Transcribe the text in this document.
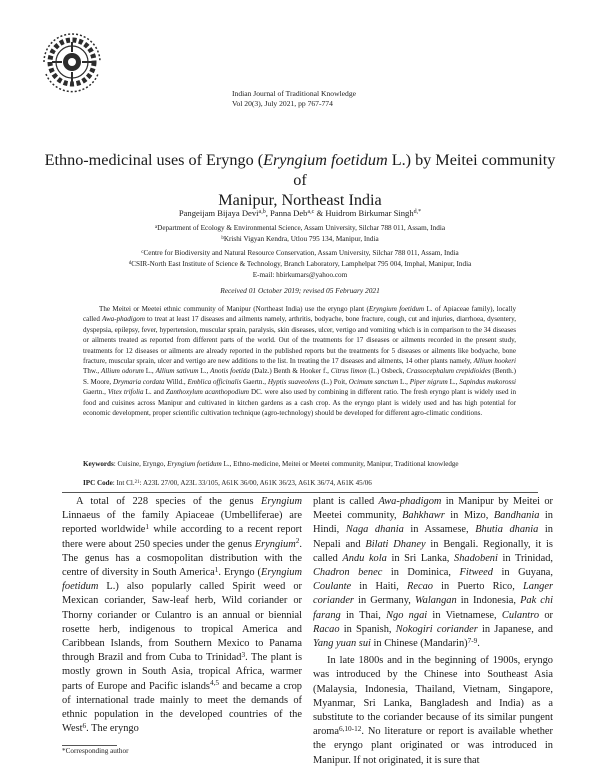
Indian Journal of Traditional Knowledge
Vol 20(3), July 2021, pp 767-774
Ethno-medicinal uses of Eryngo (Eryngium foetidum L.) by Meitei community of
Manipur, Northeast India
Pangeijam Bijaya Devi$^{a,b}$, Panna Deb$^{a,c}$ & Huidrom Birkumar Singh$^{d,*}$
$^a$Department of Ecology & Environmental Science, Assam University, Silchar 788 011, Assam, India
$^b$Krishi Vigyan Kendra, Utlou 795 134, Manipur, India
$^c$Centre for Biodiversity and Natural Resource Conservation, Assam University, Silchar 788 011, Assam, India
$^d$CSIR-North East Institute of Science & Technology, Branch Laboratory, Lamphelpat 795 004, Imphal, Manipur, India
E-mail: hbirkumars@yahoo.com
Received 01 October 2019; revised 05 February 2021

The Meitei or Meetei ethnic community of Manipur (Northeast India) use the eryngo plant (Eryngium foetidum L. of Apiaceae family), locally called Awa-phadigom to treat at least 17 diseases and ailments namely, arthritis, bodyache, bone fracture, cough, cut and injuries, diarrhoea, dysentery, dyspepsia, epilepsy, fever, hypertension, muscular sprain, paralysis, skin diseases, ulcer, vertigo and vomiting which is in comparison to the 34 diseases or ailments treated as reported from different parts of the world. Out of the treatments for 17 diseases or ailments recorded in the present study, treatments for 12 diseases or ailments are already reported in the published reports but the treatments for 5 diseases or ailments like bodyache, bone fracture, muscular sprain, ulcer and vertigo are new additions to the list. In treating the 17 diseases and ailments, 14 other plants namely, Allium hookeri Thw., Allium odorum L., Allium sativum L., Anotis foetida (Dalz.) Benth & Hooker f., Citrus limon (L.) Osbeck, Crassocephalum crepidioides (Benth.) S. Moore, Drymaria cordata Willd., Emblica officinalis Gaertn., Hyptis suaveolens (L.) Poit, Ocimum sanctum L., Piper nigrum L., Sapindus mukorossi Gaertn., Vitex trifolia L. and Zanthoxylum acanthopodium DC. were also used by combining in different ratio. The fresh eryngo plant is widely used in food and cuisines across Manipur and cultivated in kitchen gardens as a cash crop. As the eryngo plant is widely used and has high potential for economic development, proper scientific cultivation technique (agro-technology) should be developed for different agro-climatic conditions.

Keywords: Cuisine, Eryngo, Eryngium foetidum L., Ethno-medicine, Meitei or Meetei community, Manipur, Traditional knowledge
IPC Code: Int Cl.$^{21}$: A23L 27/00, A23L 33/105, A61K 36/00, A61K 36/23, A61K 36/74, A61K 45/06

A total of 228 species of the genus Eryngium Linnaeus of the family Apiaceae (Umbelliferae) are reported worldwide$^1$ while according to a recent report there were about 250 species under the genus Eryngium$^2$. The genus has a cosmopolitan distribution with the centre of diversity in South America$^1$. Eryngo (Eryngium foetidum L.) also popularly called Spirit weed or Mexican coriander, Saw-leaf herb, Wild coriander or Thorny coriander or Culantro is an annual or biennial rosette herb, indigenous to tropical America and Caribbean Islands, from Southern Mexico to Panama through Brazil and from Cuba to Trinidad$^3$. The plant is mostly grown in South Asia, tropical Africa, warmer parts of Europe and Pacific islands$^{4,5}$ and became a crop of international trade mainly to meet the demands of ethnic population in the developed countries of the West$^6$. The eryngo

plant is called Awa-phadigom in Manipur by Meitei or Meetei community, Bahkhawr in Mizo, Bandhania in Hindi, Naga dhania in Assamese, Bhutia dhania in Nepali and Bilati Dhaney in Bengali. Regionally, it is called Andu kola in Sri Lanka, Shadobeni in Trinidad, Chadron benec in Dominica, Fitweed in Guyana, Coulante in Haiti, Recao in Puerto Rico, Langer coriander in Germany, Walangan in Indonesia, Pak chi farang in Thai, Ngo ngai in Vietnamese, Culantro or Racao in Spanish, Nokogiri coriander in Japanese, and Yang yuan sui in Chinese (Mandarin)$^{7-9}$.

In late 1800s and in the beginning of 1900s, eryngo was introduced by the Chinese into Southeast Asia (Malaysia, Indonesia, Thailand, Vietnam, Singapore, Myanmar, Sri Lanka, Bangladesh and India) as a substitute to the coriander because of its similar pungent aroma$^{6,10-12}$. No literature or report is available whether the eryngo plant originated or was introduced in Manipur. If not originated, it is sure that

*Corresponding author
